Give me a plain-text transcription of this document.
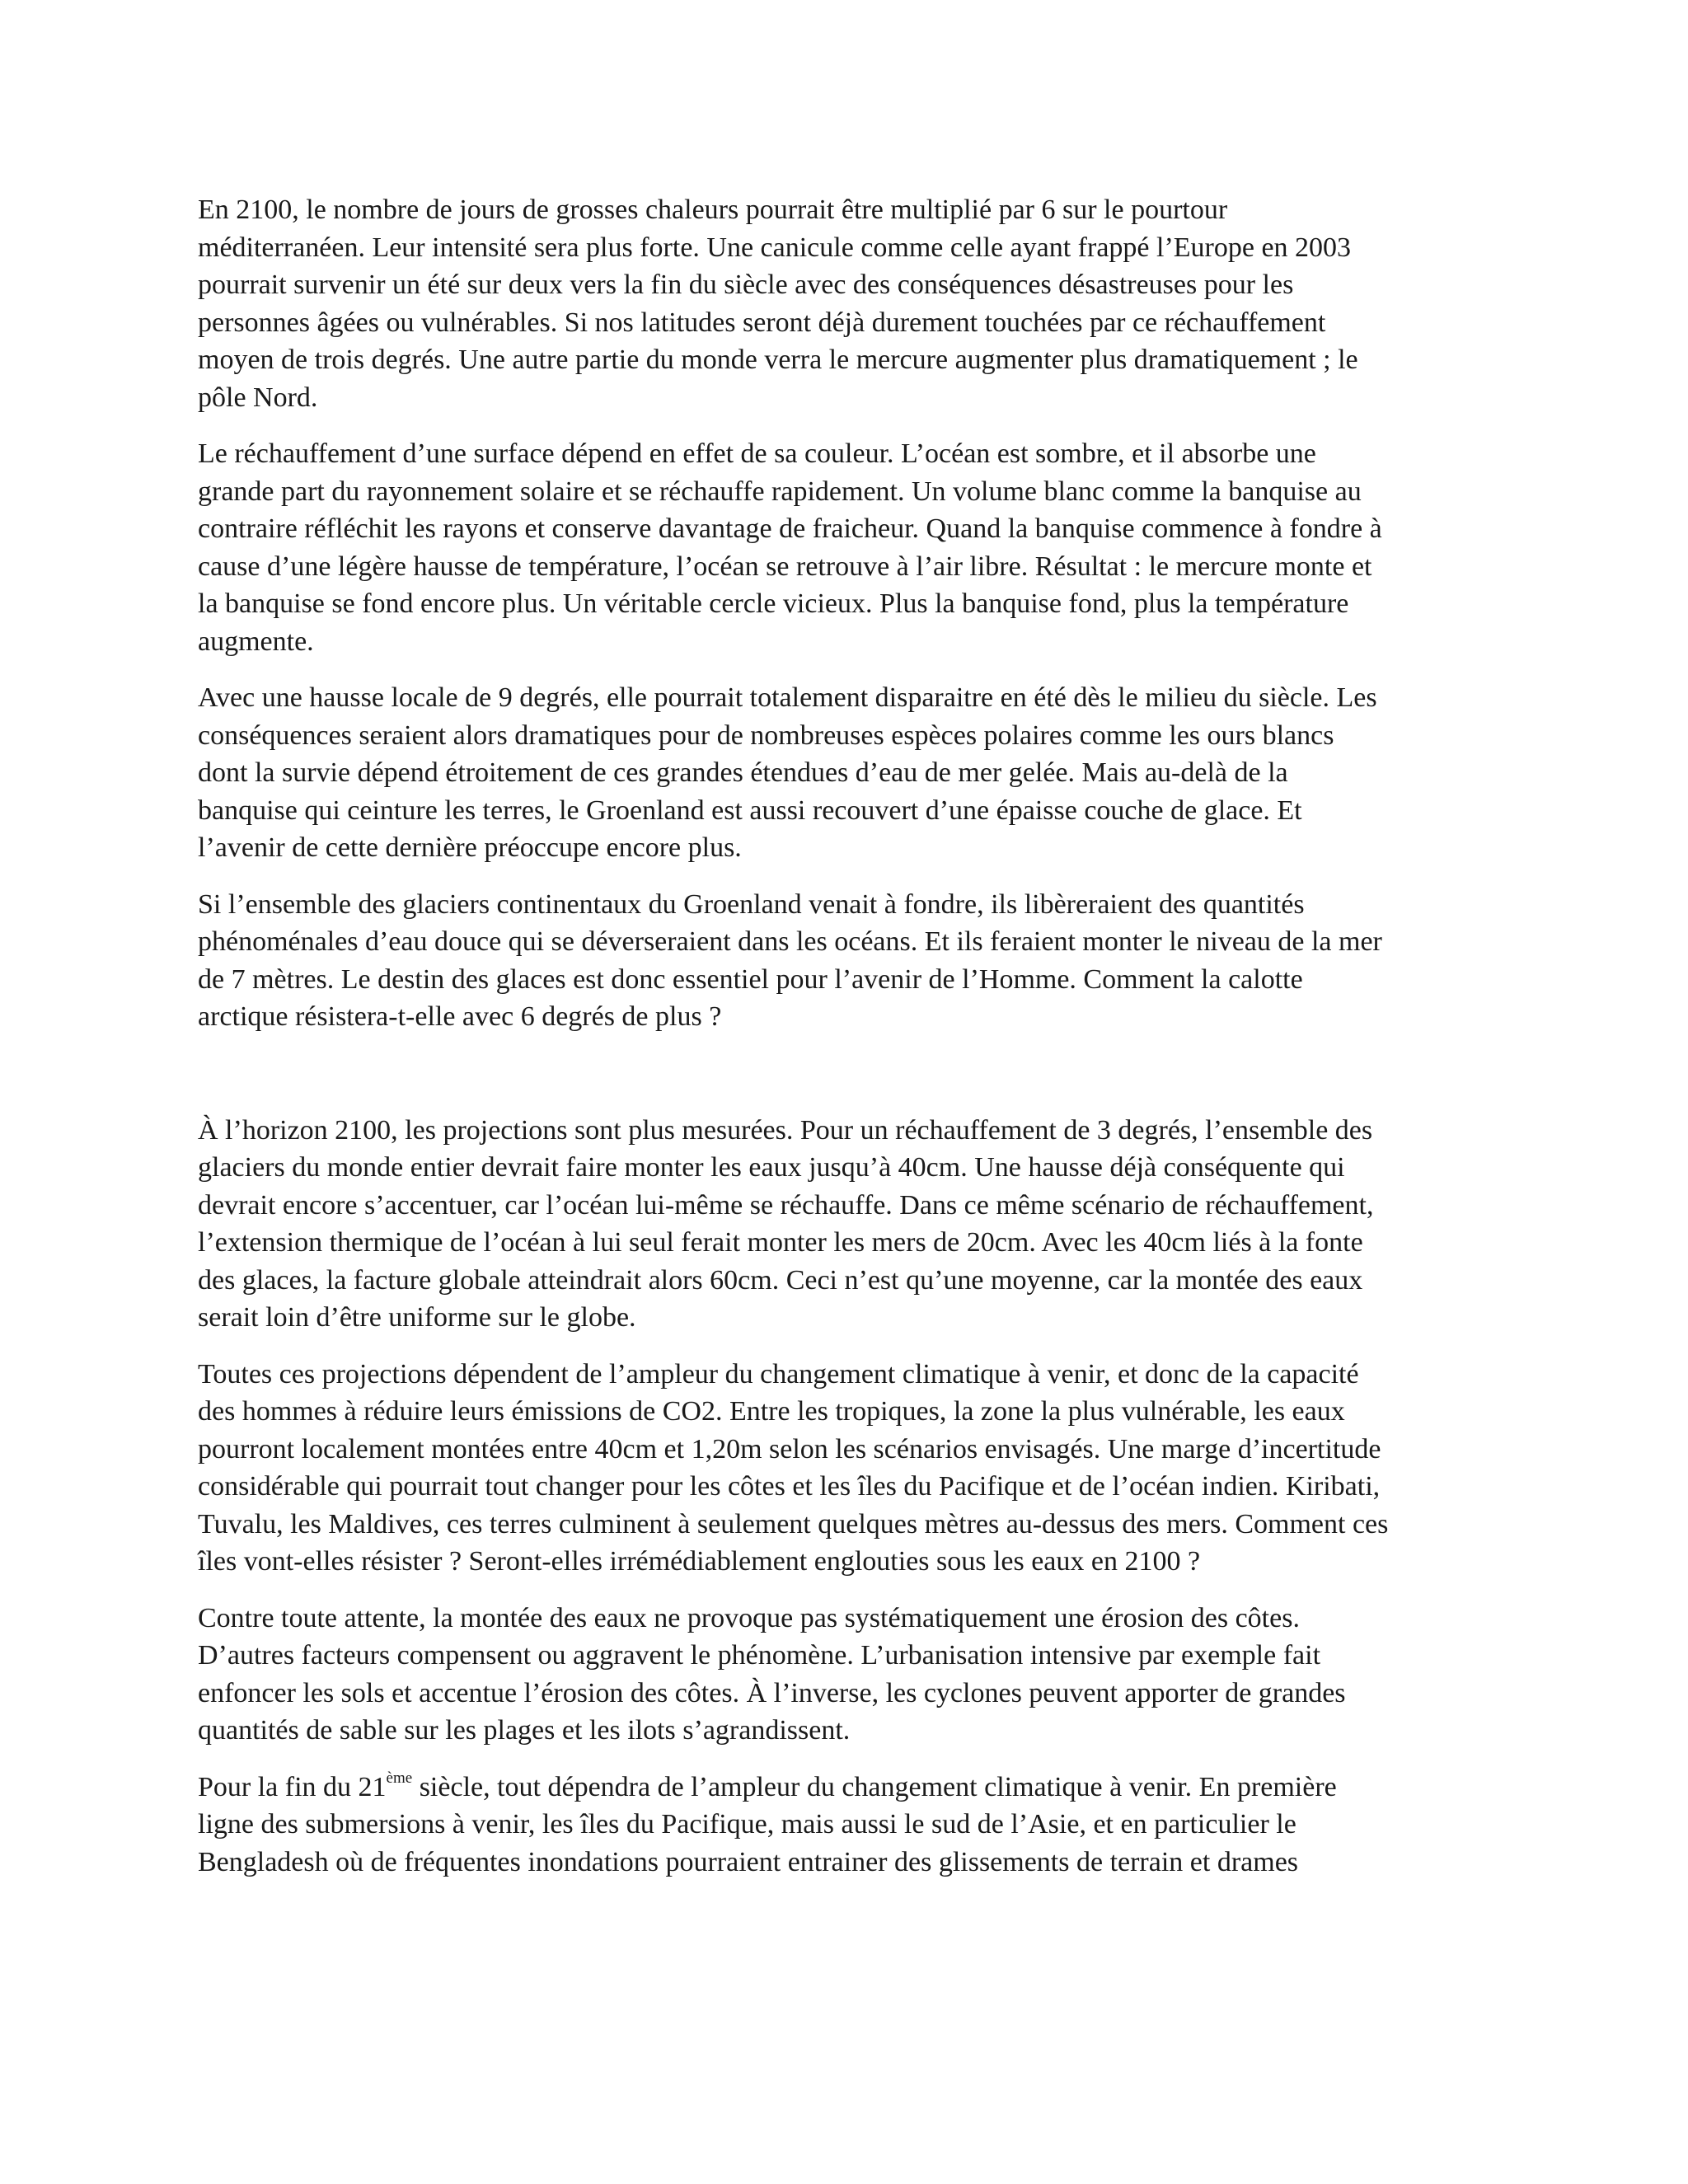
En 2100, le nombre de jours de grosses chaleurs pourrait être multiplié par 6 sur le pourtour
méditerranéen. Leur intensité sera plus forte. Une canicule comme celle ayant frappé l’Europe en 2003
pourrait survenir un été sur deux vers la fin du siècle avec des conséquences désastreuses pour les
personnes âgées ou vulnérables. Si nos latitudes seront déjà durement touchées par ce réchauffement
moyen de trois degrés. Une autre partie du monde verra le mercure augmenter plus dramatiquement ; le
pôle Nord.

Le réchauffement d’une surface dépend en effet de sa couleur. L’océan est sombre, et il absorbe une
grande part du rayonnement solaire et se réchauffe rapidement. Un volume blanc comme la banquise au
contraire réfléchit les rayons et conserve davantage de fraicheur. Quand la banquise commence à fondre à
cause d’une légère hausse de température, l’océan se retrouve à l’air libre. Résultat : le mercure monte et
la banquise se fond encore plus. Un véritable cercle vicieux. Plus la banquise fond, plus la température
augmente.

Avec une hausse locale de 9 degrés, elle pourrait totalement disparaitre en été dès le milieu du siècle. Les
conséquences seraient alors dramatiques pour de nombreuses espèces polaires comme les ours blancs
dont la survie dépend étroitement de ces grandes étendues d’eau de mer gelée. Mais au-delà de la
banquise qui ceinture les terres, le Groenland est aussi recouvert d’une épaisse couche de glace. Et
l’avenir de cette dernière préoccupe encore plus.

Si l’ensemble des glaciers continentaux du Groenland venait à fondre, ils libèreraient des quantités
phénoménales d’eau douce qui se déverseraient dans les océans. Et ils feraient monter le niveau de la mer
de 7 mètres. Le destin des glaces est donc essentiel pour l’avenir de l’Homme. Comment la calotte
arctique résistera-t-elle avec 6 degrés de plus ?

À l’horizon 2100, les projections sont plus mesurées. Pour un réchauffement de 3 degrés, l’ensemble des
glaciers du monde entier devrait faire monter les eaux jusqu’à 40cm. Une hausse déjà conséquente qui
devrait encore s’accentuer, car l’océan lui-même se réchauffe. Dans ce même scénario de réchauffement,
l’extension thermique de l’océan à lui seul ferait monter les mers de 20cm. Avec les 40cm liés à la fonte
des glaces, la facture globale atteindrait alors 60cm. Ceci n’est qu’une moyenne, car la montée des eaux
serait loin d’être uniforme sur le globe.

Toutes ces projections dépendent de l’ampleur du changement climatique à venir, et donc de la capacité
des hommes à réduire leurs émissions de CO2. Entre les tropiques, la zone la plus vulnérable, les eaux
pourront localement montées entre 40cm et 1,20m selon les scénarios envisagés. Une marge d’incertitude
considérable qui pourrait tout changer pour les côtes et les îles du Pacifique et de l’océan indien. Kiribati,
Tuvalu, les Maldives, ces terres culminent à seulement quelques mètres au-dessus des mers. Comment ces
îles vont-elles résister ? Seront-elles irrémédiablement englouties sous les eaux en 2100 ?

Contre toute attente, la montée des eaux ne provoque pas systématiquement une érosion des côtes.
D’autres facteurs compensent ou aggravent le phénomène. L’urbanisation intensive par exemple fait
enfoncer les sols et accentue l’érosion des côtes. À l’inverse, les cyclones peuvent apporter de grandes
quantités de sable sur les plages et les ilots s’agrandissent.

Pour la fin du 21ème siècle, tout dépendra de l’ampleur du changement climatique à venir. En première
ligne des submersions à venir, les îles du Pacifique, mais aussi le sud de l’Asie, et en particulier le
Bengladesh où de fréquentes inondations pourraient entrainer des glissements de terrain et drames
